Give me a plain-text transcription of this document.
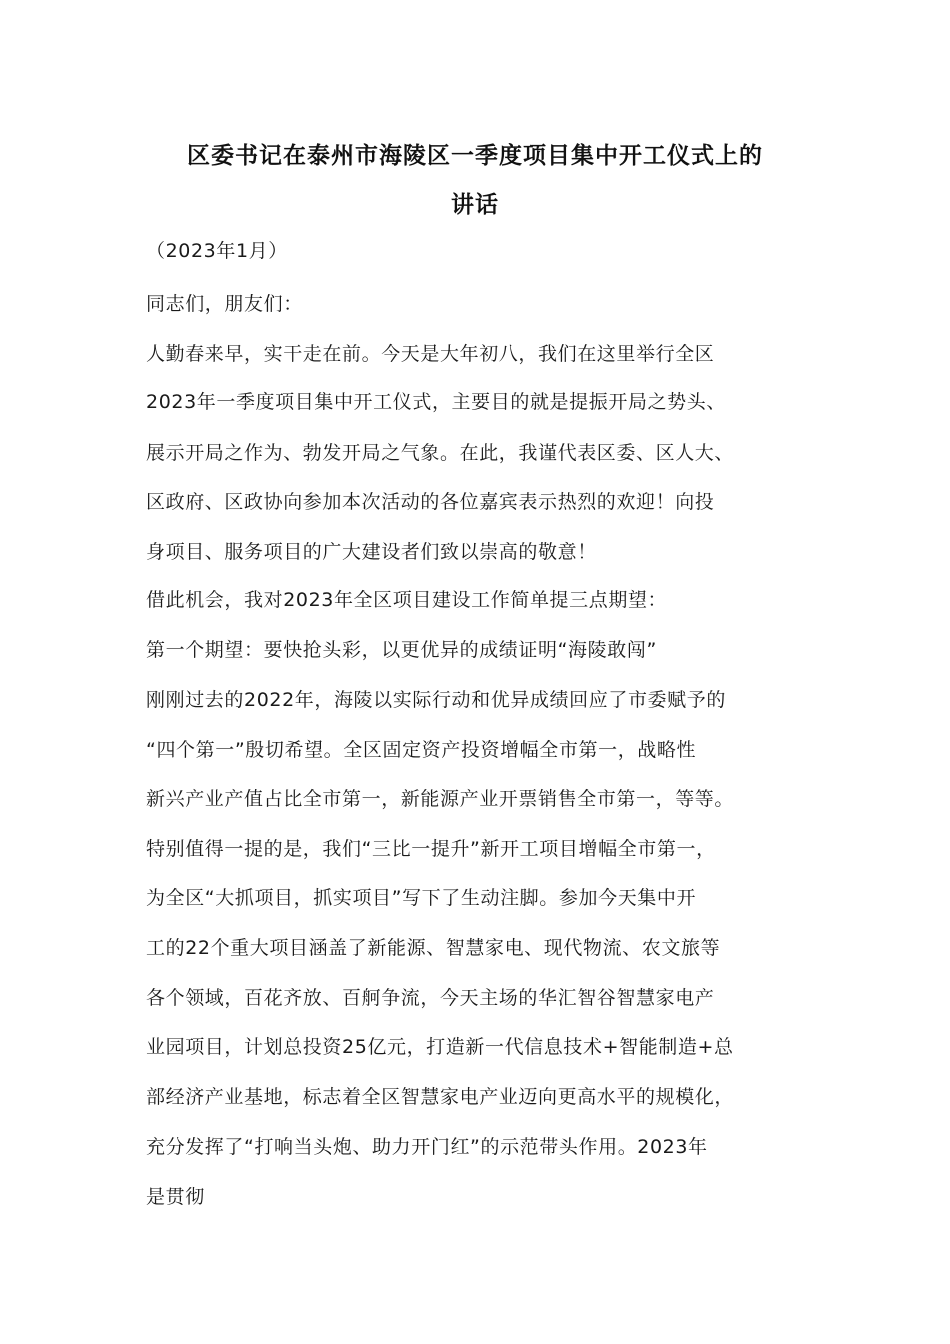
区委书记在泰州市海陵区一季度项目集中开工仪式上的
讲话
（2023年1月）
同志们，朋友们：
人勤春来早，实干走在前。今天是大年初八，我们在这里举行全区
2023年一季度项目集中开工仪式，主要目的就是提振开局之势头、
展示开局之作为、勃发开局之气象。在此，我谨代表区委、区人大、
区政府、区政协向参加本次活动的各位嘉宾表示热烈的欢迎！向投
身项目、服务项目的广大建设者们致以崇高的敬意！
借此机会，我对2023年全区项目建设工作简单提三点期望：
第一个期望：要快抢头彩，以更优异的成绩证明“海陵敢闯”
刚刚过去的2022年，海陵以实际行动和优异成绩回应了市委赋予的
“四个第一”殷切希望。全区固定资产投资增幅全市第一，战略性
新兴产业产值占比全市第一，新能源产业开票销售全市第一，等等。
特别值得一提的是，我们“三比一提升”新开工项目增幅全市第一，
为全区“大抓项目，抓实项目”写下了生动注脚。参加今天集中开
工的22个重大项目涵盖了新能源、智慧家电、现代物流、农文旅等
各个领域，百花齐放、百舸争流，今天主场的华汇智谷智慧家电产
业园项目，计划总投资25亿元，打造新一代信息技术+智能制造+总
部经济产业基地，标志着全区智慧家电产业迈向更高水平的规模化，
充分发挥了“打响当头炮、助力开门红”的示范带头作用。2023年
是贯彻
